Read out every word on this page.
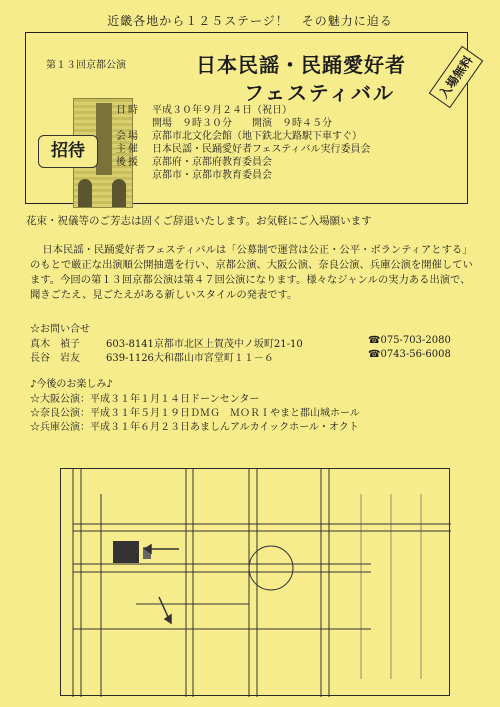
近畿各地から１２５ステージ！　その魅力に迫る
第１３回京都公演	日本民謡・民踊愛好者
フェスティバル
招待
入場無料
日時 平成３０年９月２４日（祝日）
開場　９時３０分　　開演　９時４５分
会場 京都市北文化会館（地下鉄北大路駅下車すぐ）
主催 日本民謡・民踊愛好者フェスティバル実行委員会
後援 京都府・京都府教育委員会
京都市・京都市教育委員会
花束・祝儀等のご芳志は固くご辞退いたします。お気軽にご入場願います
日本民謡・民踊愛好者フェスティバルは「公募制で運営は公正・公平・ボランティアとする」のもとで厳正な出演順公開抽選を行い、京都公演、大阪公演、奈良公演、兵庫公演を開催しています。今回の第１３回京都公演は第４７回公演になります。様々なジャンルの実力ある出演で、聞きごたえ、見ごたえがある新しいスタイルの発表です。
☆お問い合せ
真木　禎子	603-8141京都市北区上賀茂中ノ坂町21-10	☎075-703-2080
長谷　岩友	639-1126大和郡山市宮堂町１１－６	☎0743-56-6008
♪今後のお楽しみ♪
☆大阪公演：平成３１年１月１４日ドーンセンター
☆奈良公演：平成３１年５月１９日ＤＭＧ　ＭＯＲＩやまと郡山城ホール
☆兵庫公演：平成３１年６月２３日あましんアルカイックホール・オクト
